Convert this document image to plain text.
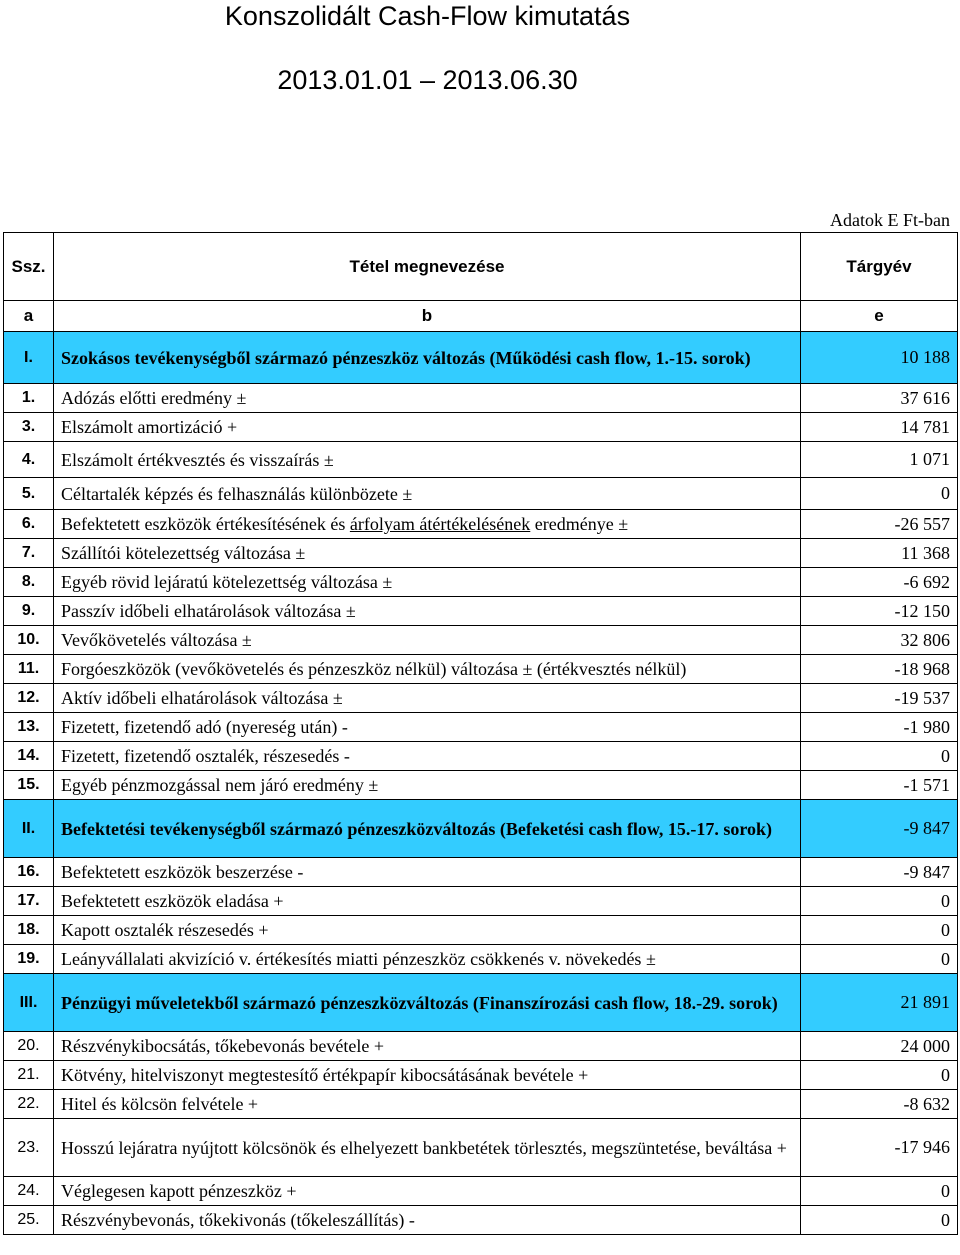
Konszolidált Cash-Flow kimutatás
2013.01.01 – 2013.06.30
Adatok E Ft-ban
Ssz.	Tétel megnevezése	Tárgyév
a	b	e
I.	Szokásos tevékenységből származó pénzeszköz változás (Működési cash flow, 1.-15. sorok)	10 188
1.	Adózás előtti eredmény ±	37 616
3.	Elszámolt amortizáció +	14 781
4.	Elszámolt értékvesztés és visszaírás ±	1 071
5.	Céltartalék képzés és felhasználás különbözete ±	0
6.	Befektetett eszközök értékesítésének és árfolyam átértékelésének eredménye ±	-26 557
7.	Szállítói kötelezettség változása ±	11 368
8.	Egyéb rövid lejáratú kötelezettség változása ±	-6 692
9.	Passzív időbeli elhatárolások változása ±	-12 150
10.	Vevőkövetelés változása ±	32 806
11.	Forgóeszközök (vevőkövetelés és pénzeszköz nélkül) változása ± (értékvesztés nélkül)	-18 968
12.	Aktív időbeli elhatárolások változása ±	-19 537
13.	Fizetett, fizetendő adó (nyereség után) -	-1 980
14.	Fizetett, fizetendő osztalék, részesedés -	0
15.	Egyéb pénzmozgással nem járó eredmény ±	-1 571
II.	Befektetési tevékenységből származó pénzeszközváltozás (Befeketési cash flow, 15.-17. sorok)	-9 847
16.	Befektetett eszközök beszerzése -	-9 847
17.	Befektetett eszközök eladása +	0
18.	Kapott osztalék részesedés +	0
19.	Leányvállalati akvizíció v. értékesítés miatti pénzeszköz csökkenés v. növekedés ±	0
III.	Pénzügyi műveletekből származó pénzeszközváltozás (Finanszírozási cash flow, 18.-29. sorok)	21 891
20.	Részvénykibocsátás, tőkebevonás bevétele +	24 000
21.	Kötvény, hitelviszonyt megtestesítő értékpapír kibocsátásának bevétele +	0
22.	Hitel és kölcsön felvétele +	-8 632
23.	Hosszú lejáratra nyújtott kölcsönök és elhelyezett bankbetétek törlesztés, megszüntetése, beváltása +	-17 946
24.	Véglegesen kapott pénzeszköz +	0
25.	Részvénybevonás, tőkekivonás (tőkeleszállítás) -	0
